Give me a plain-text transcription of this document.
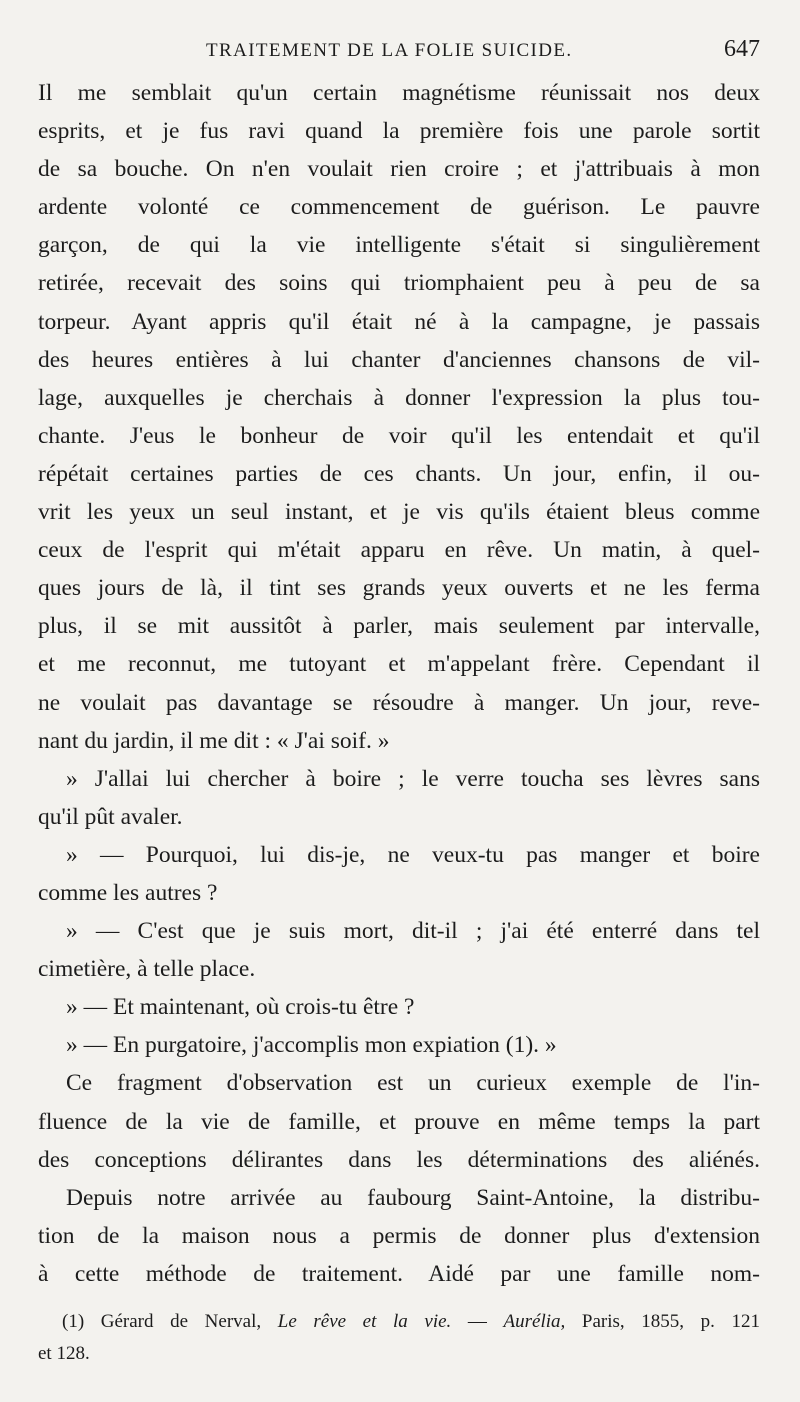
TRAITEMENT DE LA FOLIE SUICIDE.	647
Il me semblait qu'un certain magnétisme réunissait nos deux
esprits, et je fus ravi quand la première fois une parole sortit
de sa bouche. On n'en voulait rien croire ; et j'attribuais à mon
ardente volonté ce commencement de guérison. Le pauvre
garçon, de qui la vie intelligente s'était si singulièrement
retirée, recevait des soins qui triomphaient peu à peu de sa
torpeur. Ayant appris qu'il était né à la campagne, je passais
des heures entières à lui chanter d'anciennes chansons de vil-
lage, auxquelles je cherchais à donner l'expression la plus tou-
chante. J'eus le bonheur de voir qu'il les entendait et qu'il
répétait certaines parties de ces chants. Un jour, enfin, il ou-
vrit les yeux un seul instant, et je vis qu'ils étaient bleus comme
ceux de l'esprit qui m'était apparu en rêve. Un matin, à quel-
ques jours de là, il tint ses grands yeux ouverts et ne les ferma
plus, il se mit aussitôt à parler, mais seulement par intervalle,
et me reconnut, me tutoyant et m'appelant frère. Cependant il
ne voulait pas davantage se résoudre à manger. Un jour, reve-
nant du jardin, il me dit : « J'ai soif. »
» J'allai lui chercher à boire ; le verre toucha ses lèvres sans
qu'il pût avaler.
» — Pourquoi, lui dis-je, ne veux-tu pas manger et boire
comme les autres ?
» — C'est que je suis mort, dit-il ; j'ai été enterré dans tel
cimetière, à telle place.
» — Et maintenant, où crois-tu être ?
» — En purgatoire, j'accomplis mon expiation (1). »
Ce fragment d'observation est un curieux exemple de l'in-
fluence de la vie de famille, et prouve en même temps la part
des conceptions délirantes dans les déterminations des aliénés.
Depuis notre arrivée au faubourg Saint-Antoine, la distribu-
tion de la maison nous a permis de donner plus d'extension
à cette méthode de traitement. Aidé par une famille nom-
(1) Gérard de Nerval, Le rêve et la vie. — Aurélia, Paris, 1855, p. 121
et 128.
